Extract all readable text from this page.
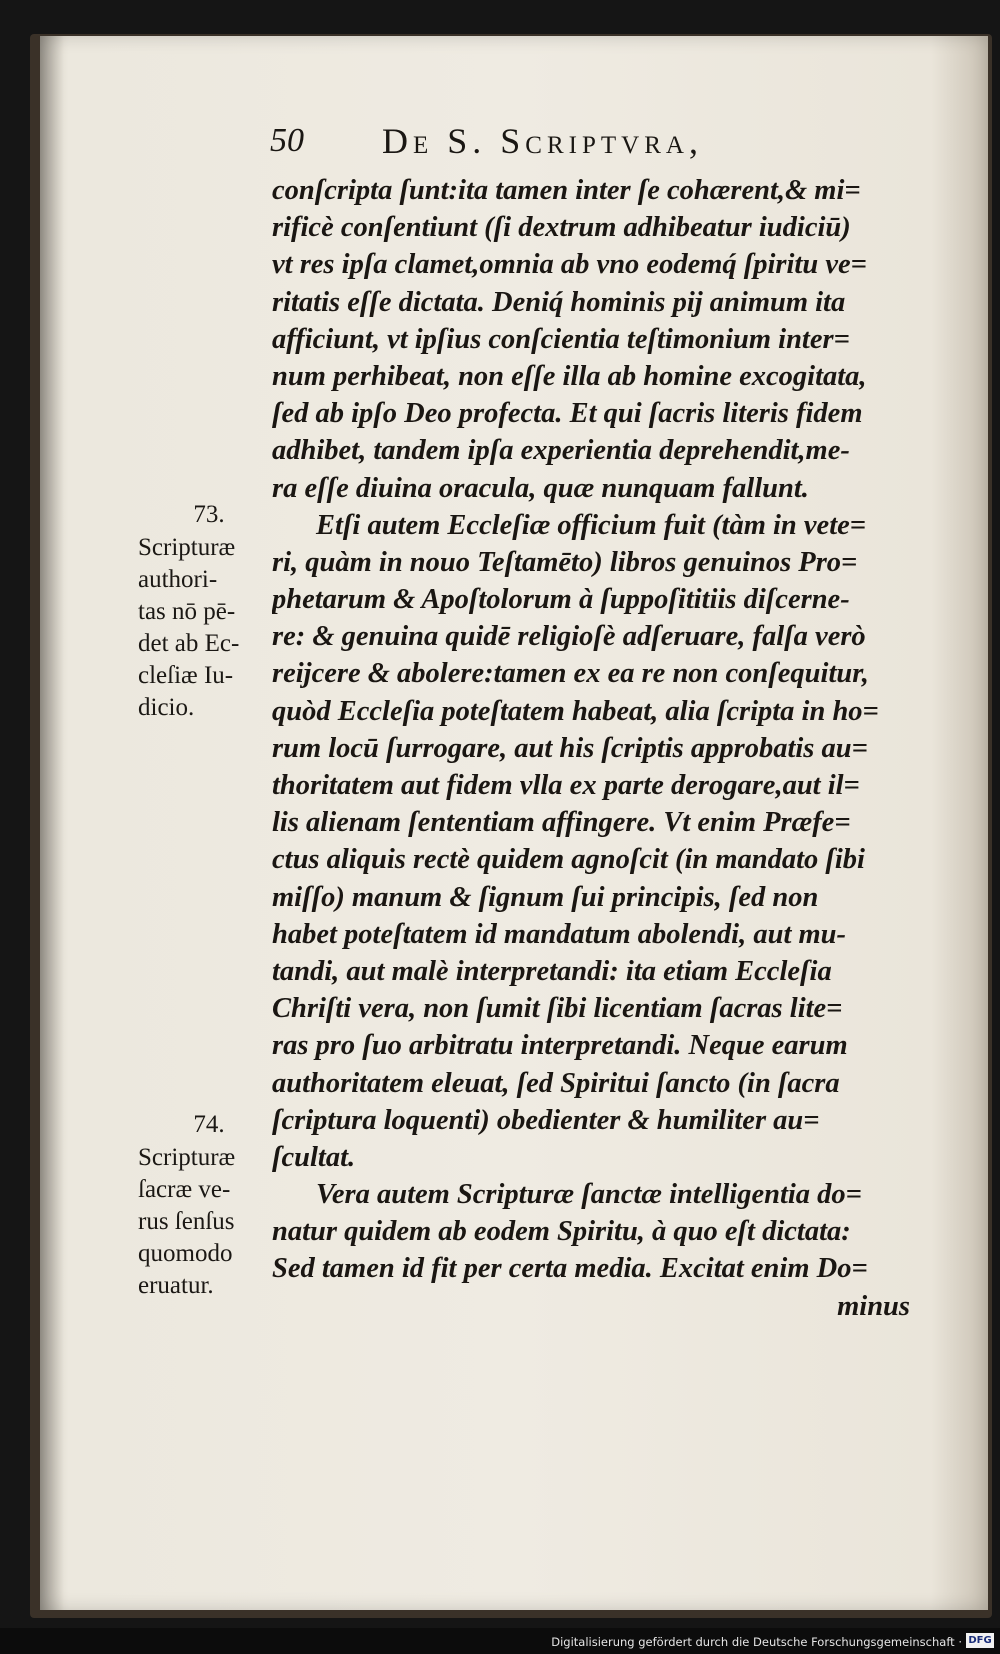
50 De S. Scriptvra,
conſcripta ſunt:ita tamen inter ſe cohærent,& mi=
rificè conſentiunt (ſi dextrum adhibeatur iudiciū)
vt res ipſa clamet,omnia ab vno eodemq́ ſpiritu ve=
ritatis eſſe dictata. Deniq́ hominis pij animum ita
afficiunt, vt ipſius conſcientia teſtimonium inter=
num perhibeat, non eſſe illa ab homine excogitata,
ſed ab ipſo Deo profecta. Et qui ſacris literis fidem
adhibet, tandem ipſa experientia deprehendit,me-
ra eſſe diuina oracula, quæ nunquam fallunt.
Etſi autem Eccleſiæ officium fuit (tàm in vete=
ri, quàm in nouo Teſtamēto) libros genuinos Pro=
phetarum & Apoſtolorum à ſuppoſititiis diſcerne-
re: & genuina quidē religioſè adſeruare, falſa verò
reijcere & abolere:tamen ex ea re non conſequitur,
quòd Eccleſia poteſtatem habeat, alia ſcripta in ho=
rum locū ſurrogare, aut his ſcriptis approbatis au=
thoritatem aut fidem vlla ex parte derogare,aut il=
lis alienam ſententiam affingere. Vt enim Præfe=
ctus aliquis rectè quidem agnoſcit (in mandato ſibi
miſſo) manum & ſignum ſui principis, ſed non
habet poteſtatem id mandatum abolendi, aut mu-
tandi, aut malè interpretandi: ita etiam Eccleſia
Chriſti vera, non ſumit ſibi licentiam ſacras lite=
ras pro ſuo arbitratu interpretandi. Neque earum
authoritatem eleuat, ſed Spiritui ſancto (in ſacra
ſcriptura loquenti) obedienter & humiliter au=
ſcultat.
Vera autem Scripturæ ſanctæ intelligentia do=
natur quidem ab eodem Spiritu, à quo eſt dictata:
Sed tamen id fit per certa media. Excitat enim Do=
minus
73.
Scripturæ
authori-
tas nō pē-
det ab Ec-
cleſiæ Iu-
dicio.
74.
Scripturæ
ſacræ ve-
rus ſenſus
quomodo
eruatur.
Digitalisierung gefördert durch die Deutsche Forschungsgemeinschaft · DFG
